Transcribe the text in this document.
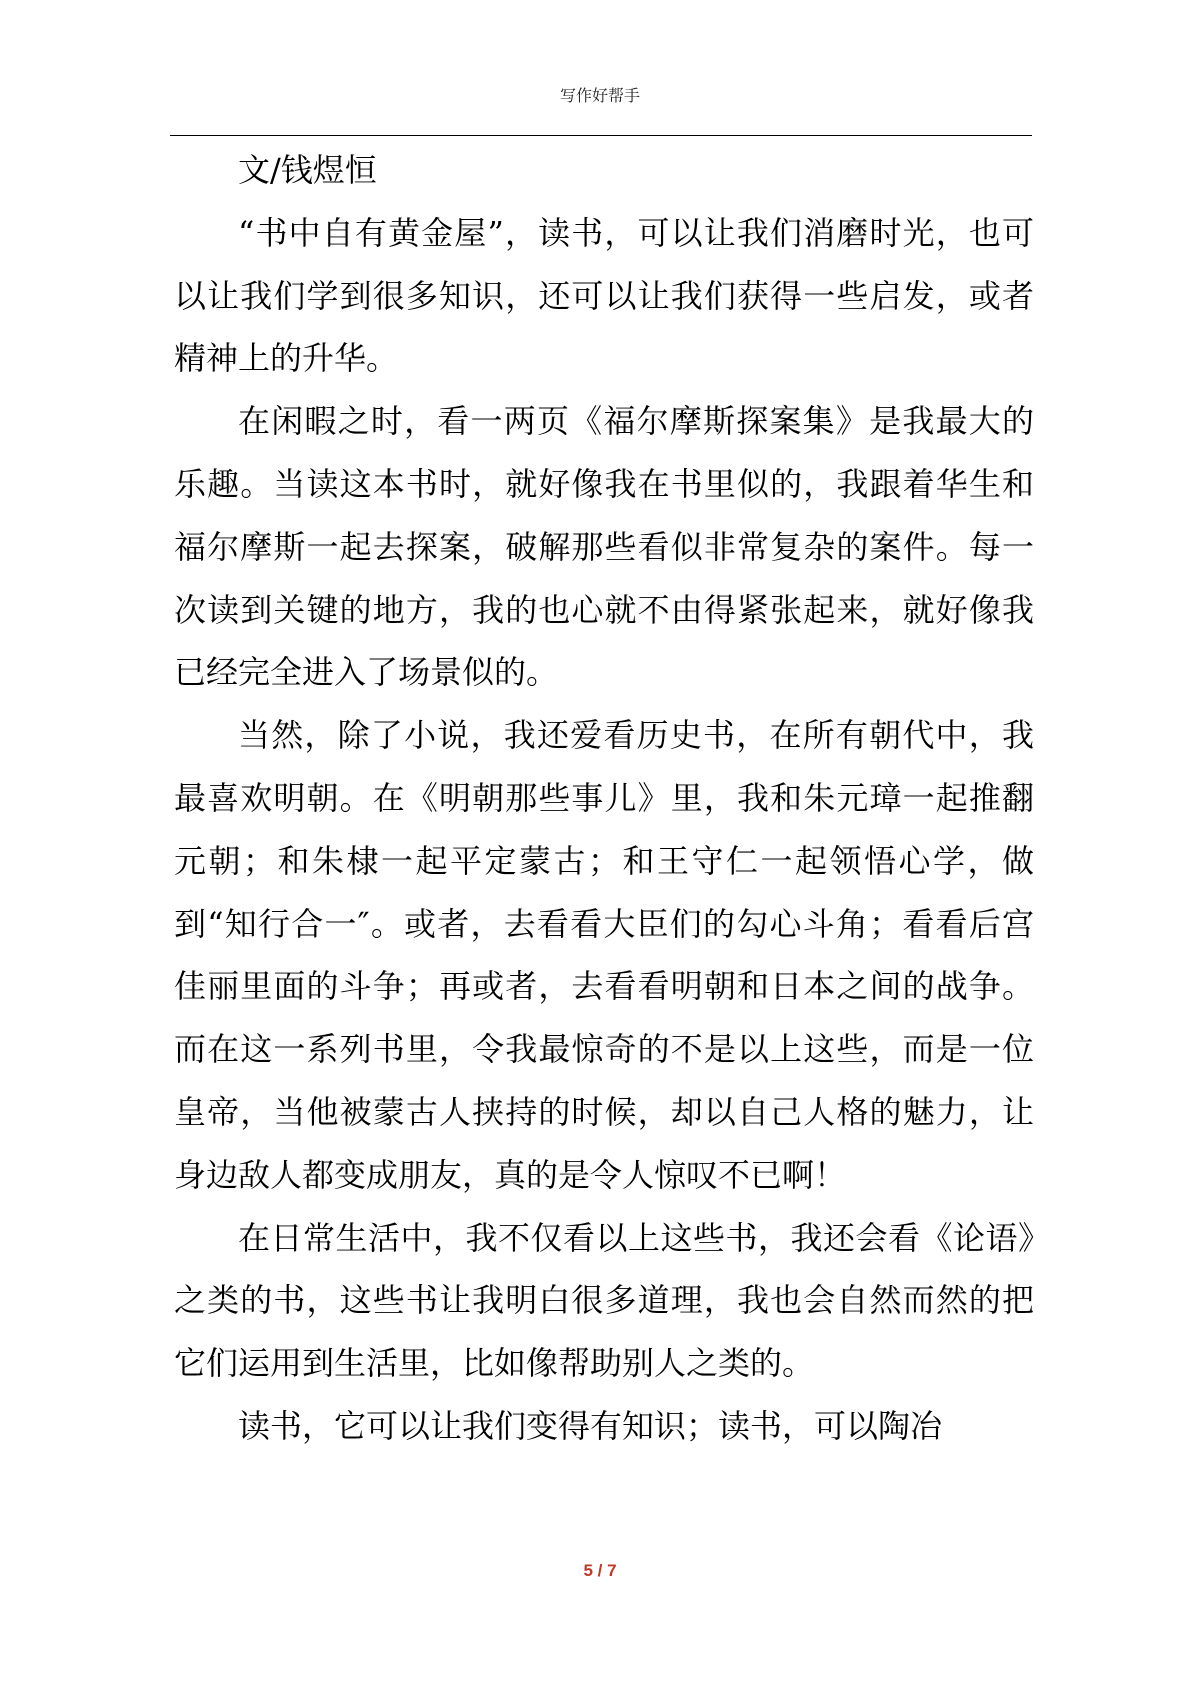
写作好帮手

文/钱煜恒

“书中自有黄金屋”，读书，可以让我们消磨时光，也可以让我们学到很多知识，还可以让我们获得一些启发，或者精神上的升华。

在闲暇之时，看一两页《福尔摩斯探案集》是我最大的乐趣。当读这本书时，就好像我在书里似的，我跟着华生和福尔摩斯一起去探案，破解那些看似非常复杂的案件。每一次读到关键的地方，我的也心就不由得紧张起来，就好像我已经完全进入了场景似的。

当然，除了小说，我还爱看历史书，在所有朝代中，我最喜欢明朝。在《明朝那些事儿》里，我和朱元璋一起推翻元朝；和朱棣一起平定蒙古；和王守仁一起领悟心学，做到“知行合一″。或者，去看看大臣们的勾心斗角；看看后宫佳丽里面的斗争；再或者，去看看明朝和日本之间的战争。而在这一系列书里，令我最惊奇的不是以上这些，而是一位皇帝，当他被蒙古人挟持的时候，却以自己人格的魅力，让身边敌人都变成朋友，真的是令人惊叹不已啊！

在日常生活中，我不仅看以上这些书，我还会看《论语》之类的书，这些书让我明白很多道理，我也会自然而然的把它们运用到生活里，比如像帮助别人之类的。

读书，它可以让我们变得有知识；读书，可以陶冶

5 / 7
